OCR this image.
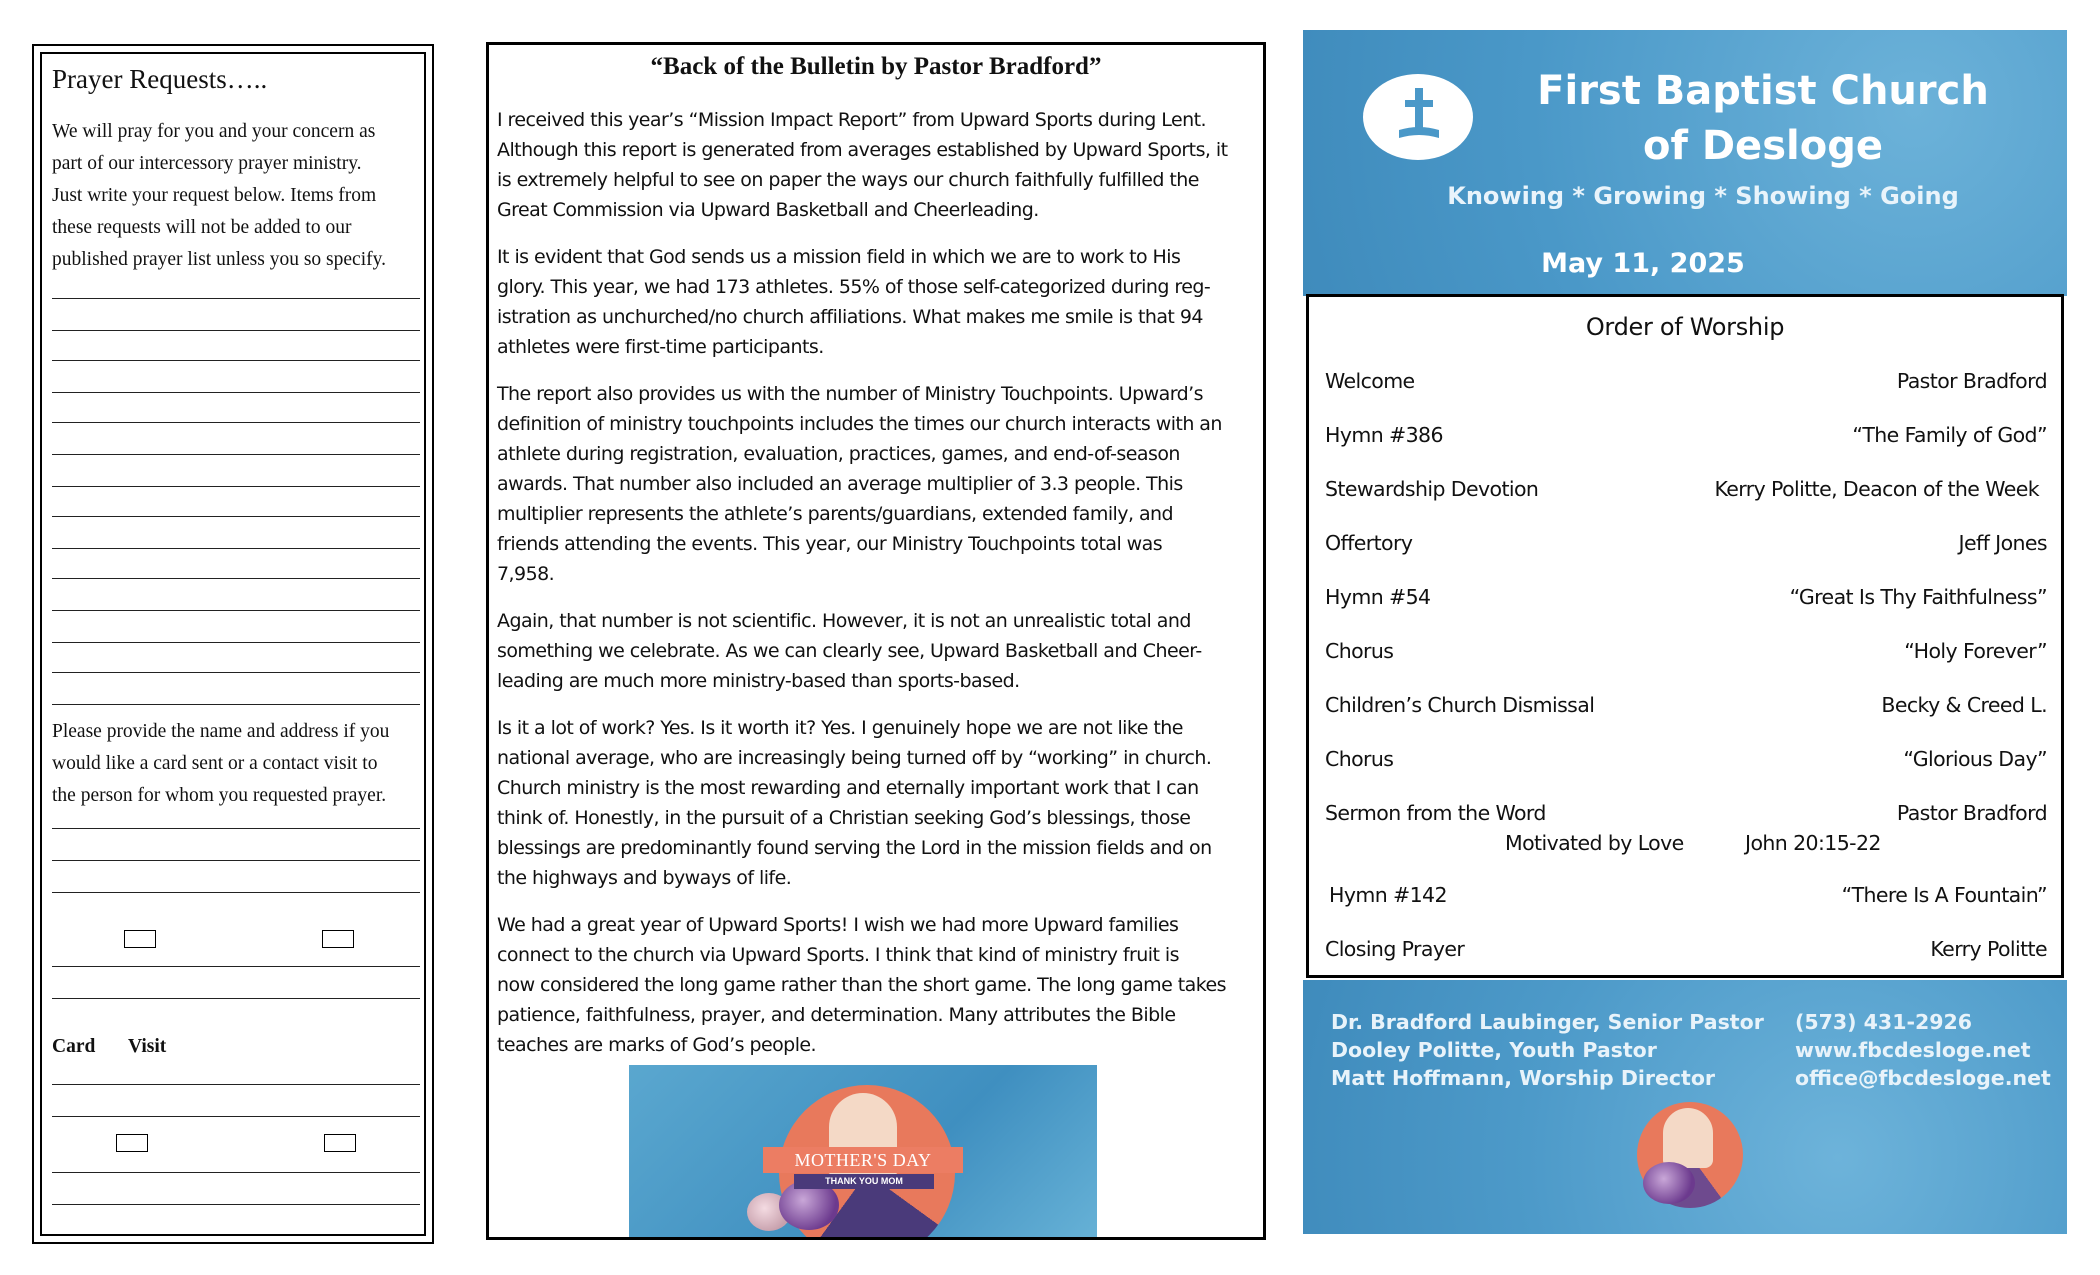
Prayer Requests…..
We will pray for you and your concern as
part of our intercessory prayer ministry.
Just write your request below. Items from
these requests will not be added to our
published prayer list unless you so specify.
Please provide the name and address if you
would like a card sent or a contact visit to
the person for whom you requested prayer.
Card Visit
“Back of the Bulletin by Pastor Bradford”

I received this year’s “Mission Impact Report” from Upward Sports during Lent.
Although this report is generated from averages established by Upward Sports, it
is extremely helpful to see on paper the ways our church faithfully fulfilled the
Great Commission via Upward Basketball and Cheerleading.

It is evident that God sends us a mission field in which we are to work to His
glory. This year, we had 173 athletes. 55% of those self-categorized during reg-
istration as unchurched/no church affiliations. What makes me smile is that 94
athletes were first-time participants.

The report also provides us with the number of Ministry Touchpoints. Upward’s
definition of ministry touchpoints includes the times our church interacts with an
athlete during registration, evaluation, practices, games, and end-of-season
awards. That number also included an average multiplier of 3.3 people. This
multiplier represents the athlete’s parents/guardians, extended family, and
friends attending the events. This year, our Ministry Touchpoints total was
7,958.

Again, that number is not scientific. However, it is not an unrealistic total and
something we celebrate. As we can clearly see, Upward Basketball and Cheer-
leading are much more ministry-based than sports-based.

Is it a lot of work? Yes. Is it worth it? Yes. I genuinely hope we are not like the
national average, who are increasingly being turned off by “working” in church.
Church ministry is the most rewarding and eternally important work that I can
think of. Honestly, in the pursuit of a Christian seeking God’s blessings, those
blessings are predominantly found serving the Lord in the mission fields and on
the highways and byways of life.

We had a great year of Upward Sports! I wish we had more Upward families
connect to the church via Upward Sports. I think that kind of ministry fruit is
now considered the long game rather than the short game. The long game takes
patience, faithfulness, prayer, and determination. Many attributes the Bible
teaches are marks of God’s people.

MOTHER'S DAY
THANK YOU MOM
First Baptist Church
of Desloge
Knowing * Growing * Showing * Going
May 11, 2025
Order of Worship
Welcome	Pastor Bradford
Hymn #386	“The Family of God”
Stewardship Devotion	Kerry Politte, Deacon of the Week
Offertory	Jeff Jones
Hymn #54	“Great Is Thy Faithfulness”
Chorus	“Holy Forever”
Children’s Church Dismissal	Becky & Creed L.
Chorus	“Glorious Day”
Sermon from the Word	Pastor Bradford
Motivated by Love	John 20:15-22
Hymn #142	“There Is A Fountain”
Closing Prayer	Kerry Politte
Dr. Bradford Laubinger, Senior Pastor
Dooley Politte, Youth Pastor
Matt Hoffmann, Worship Director
(573) 431-2926
www.fbcdesloge.net
office@fbcdesloge.net
